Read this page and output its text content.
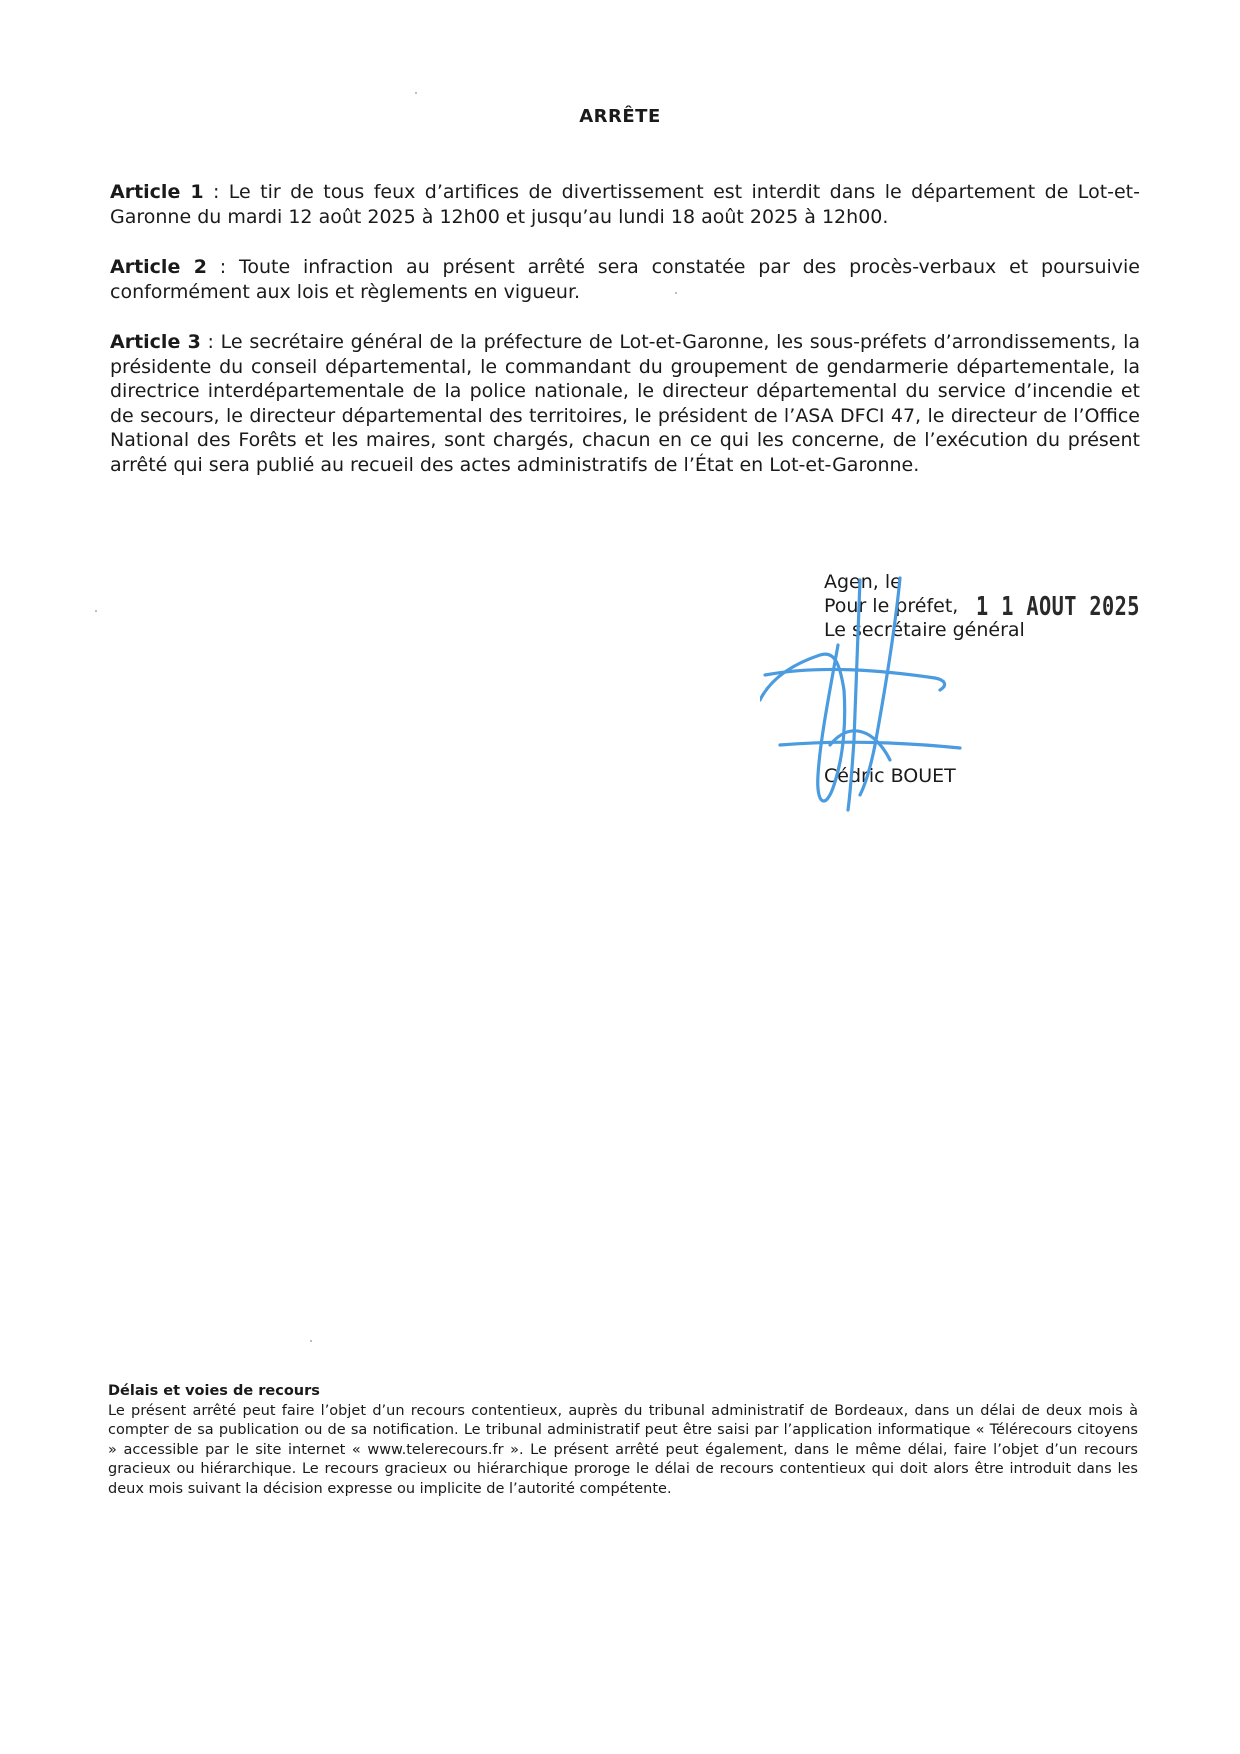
ARRÊTE

Article 1 : Le tir de tous feux d’artifices de divertissement est interdit dans le département de Lot-et-Garonne du mardi 12 août 2025 à 12h00 et jusqu’au lundi 18 août 2025 à 12h00.

Article 2 : Toute infraction au présent arrêté sera constatée par des procès-verbaux et poursuivie conformément aux lois et règlements en vigueur.

Article 3 : Le secrétaire général de la préfecture de Lot-et-Garonne, les sous-préfets d’arrondissements, la présidente du conseil départemental, le commandant du groupement de gendarmerie départementale, la directrice interdépartementale de la police nationale, le directeur départemental du service d’incendie et de secours, le directeur départemental des territoires, le président de l’ASA DFCI 47, le directeur de l’Office National des Forêts et les maires, sont chargés, chacun en ce qui les concerne, de l’exécution du présent arrêté qui sera publié au recueil des actes administratifs de l’État en Lot-et-Garonne.

Agen, le
Pour le préfet,
Le secrétaire général
1 1 AOUT 2025
Cédric BOUET
Délais et voies de recours
Le présent arrêté peut faire l’objet d’un recours contentieux, auprès du tribunal administratif de Bordeaux, dans un délai de deux mois à compter de sa publication ou de sa notification. Le tribunal administratif peut être saisi par l’application informatique « Télérecours citoyens » accessible par le site internet « www.telerecours.fr ». Le présent arrêté peut également, dans le même délai, faire l’objet d’un recours gracieux ou hiérarchique. Le recours gracieux ou hiérarchique proroge le délai de recours contentieux qui doit alors être introduit dans les deux mois suivant la décision expresse ou implicite de l’autorité compétente.
